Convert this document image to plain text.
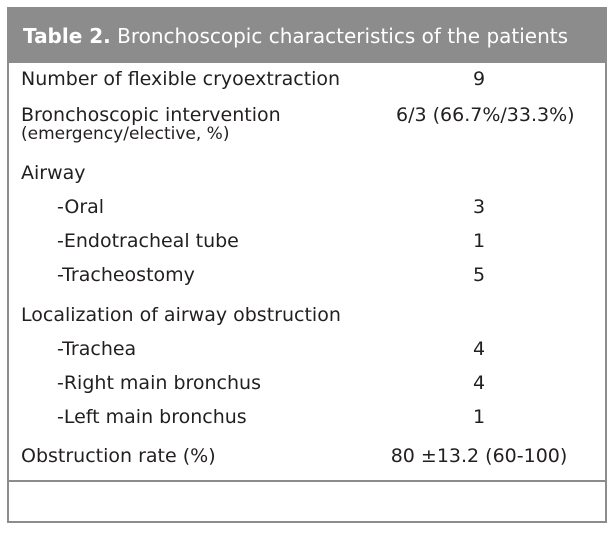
Table 2. Bronchoscopic characteristics of the patients
Number of flexible cryoextraction	9
Bronchoscopic intervention	6/3 (66.7%/33.3%)
(emergency/elective, %)
Airway
-Oral	3
-Endotracheal tube	1
-Tracheostomy	5
Localization of airway obstruction
-Trachea	4
-Right main bronchus	4
-Left main bronchus	1
Obstruction rate (%)	80 ±13.2 (60-100)
